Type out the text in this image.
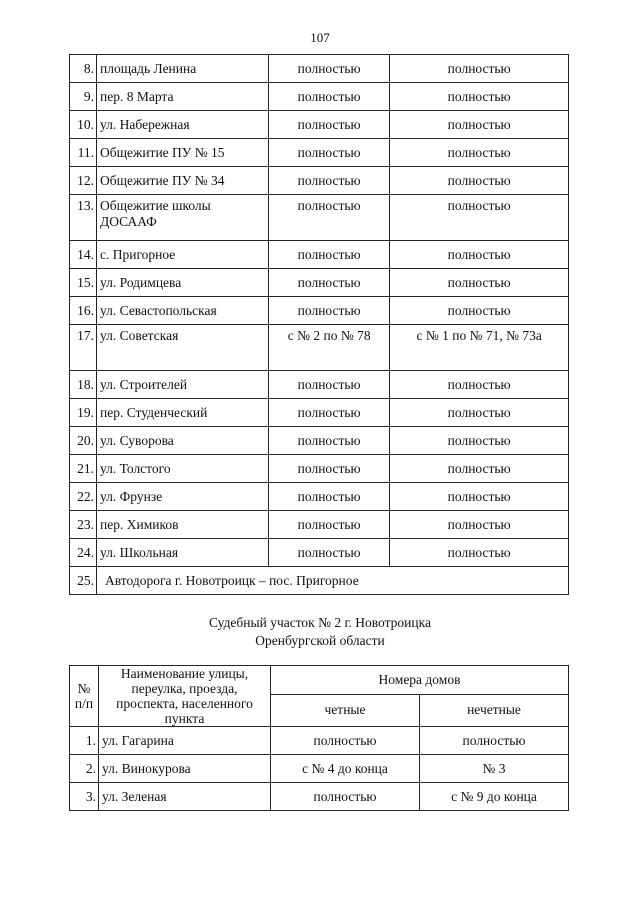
107
8.	площадь Ленина	полностью	полностью
9.	пер. 8 Марта	полностью	полностью
10.	ул. Набережная	полностью	полностью
11.	Общежитие ПУ № 15	полностью	полностью
12.	Общежитие ПУ № 34	полностью	полностью
13.	Общежитие школы ДОСААФ	полностью	полностью
14.	с. Пригорное	полностью	полностью
15.	ул. Родимцева	полностью	полностью
16.	ул. Севастопольская	полностью	полностью
17.	ул. Советская	с № 2 по № 78	с № 1 по № 71, № 73а
18.	ул. Строителей	полностью	полностью
19.	пер. Студенческий	полностью	полностью
20.	ул. Суворова	полностью	полностью
21.	ул. Толстого	полностью	полностью
22.	ул. Фрунзе	полностью	полностью
23.	пер. Химиков	полностью	полностью
24.	ул. Школьная	полностью	полностью
25.	Автодорога г. Новотроицк – пос. Пригорное		
Судебный участок № 2 г. Новотроицка
Оренбургской области
№ п/п	Наименование улицы, переулка, проезда, проспекта, населенного пункта	Номера домов	
		четные	нечетные
1.	ул. Гагарина	полностью	полностью
2.	ул. Винокурова	с № 4 до конца	№ 3
3.	ул. Зеленая	полностью	с № 9 до конца
